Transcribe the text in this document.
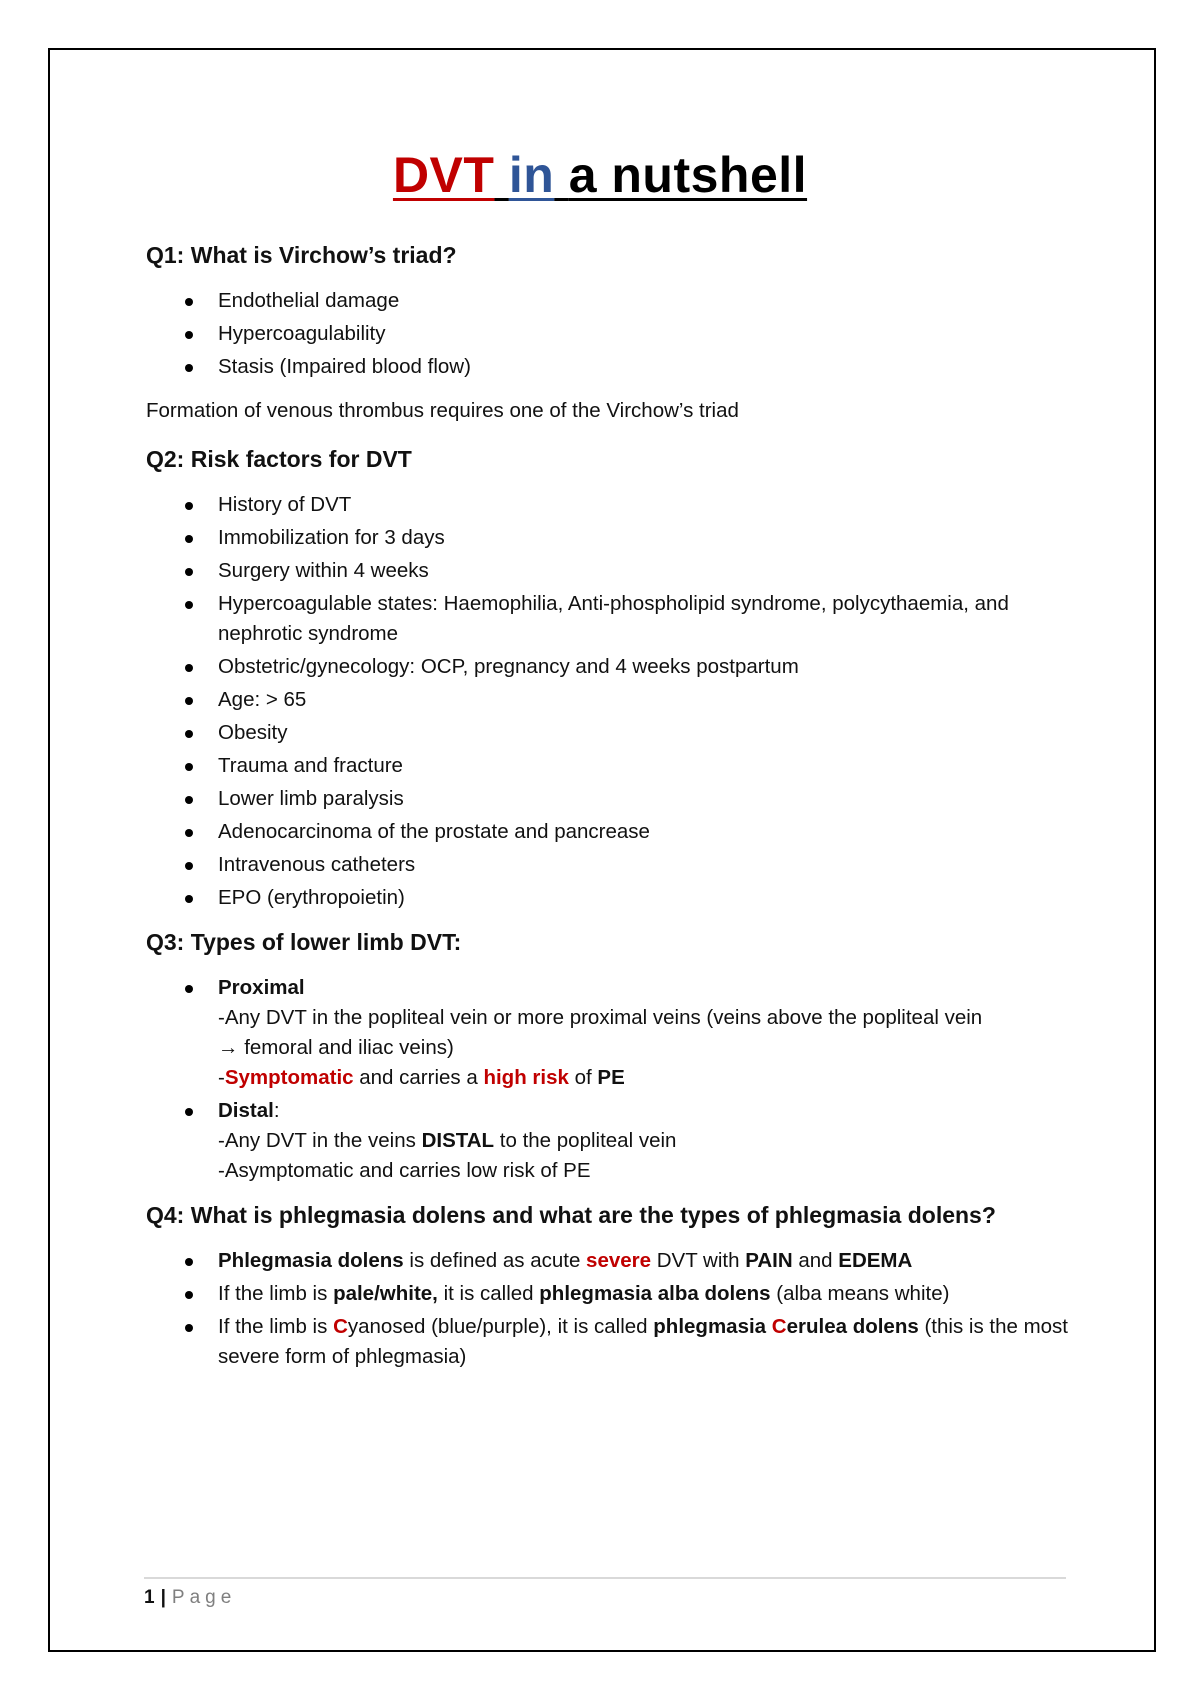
DVT in a nutshell
Q1: What is Virchow’s triad?
Endothelial damage
Hypercoagulability
Stasis (Impaired blood flow)
Formation of venous thrombus requires one of the Virchow’s triad
Q2: Risk factors for DVT
History of DVT
Immobilization for 3 days
Surgery within 4 weeks
Hypercoagulable states: Haemophilia, Anti-phospholipid syndrome, polycythaemia, and nephrotic syndrome
Obstetric/gynecology: OCP, pregnancy and 4 weeks postpartum
Age: > 65
Obesity
Trauma and fracture
Lower limb paralysis
Adenocarcinoma of the prostate and pancrease
Intravenous catheters
EPO (erythropoietin)
Q3: Types of lower limb DVT:
Proximal
-Any DVT in the popliteal vein or more proximal veins (veins above the popliteal vein
→ femoral and iliac veins)
-Symptomatic and carries a high risk of PE
Distal:
-Any DVT in the veins DISTAL to the popliteal vein
-Asymptomatic and carries low risk of PE
Q4: What is phlegmasia dolens and what are the types of phlegmasia dolens?
Phlegmasia dolens is defined as acute severe DVT with PAIN and EDEMA
If the limb is pale/white, it is called phlegmasia alba dolens (alba means white)
If the limb is Cyanosed (blue/purple), it is called phlegmasia Cerulea dolens (this is the most severe form of phlegmasia)
1 | Page
